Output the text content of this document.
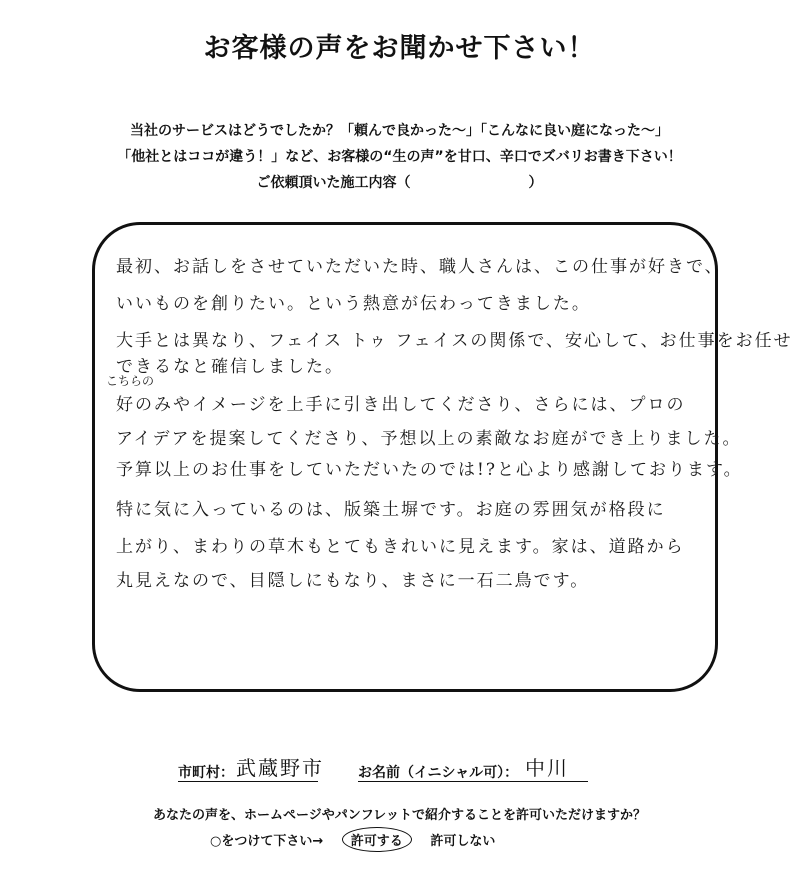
お客様の声をお聞かせ下さい！
当社のサービスはどうでしたか？「頼んで良かった～」「こんなに良い庭になった～」
「他社とはココが違う！」など、お客様の“生の声”を甘口、辛口でズバリお書き下さい！
ご依頼頂いた施工内容（	）
最初、お話しをさせていただいた時、職人さんは、この仕事が好きで、
いいものを創りたい。という熱意が伝わってきました。
大手とは異なり、フェイス トゥ フェイスの関係で、安心して、お仕事をお任せ
できるなと確信しました。
こちらの
好のみやイメージを上手に引き出してくださり、さらには、プロの
アイデアを提案してくださり、予想以上の素敵なお庭ができ上りました。
予算以上のお仕事をしていただいたのでは!?と心より感謝しております。
特に気に入っているのは、版築土塀です。お庭の雰囲気が格段に
上がり、まわりの草木もとてもきれいに見えます。家は、道路から
丸見えなので、目隠しにもなり、まさに一石二鳥です。
市町村： 武蔵野市 お名前（イニシャル可）： 中川
あなたの声を、ホームページやパンフレットで紹介することを許可いただけますか？
○をつけて下さい→ 許可する 許可しない
